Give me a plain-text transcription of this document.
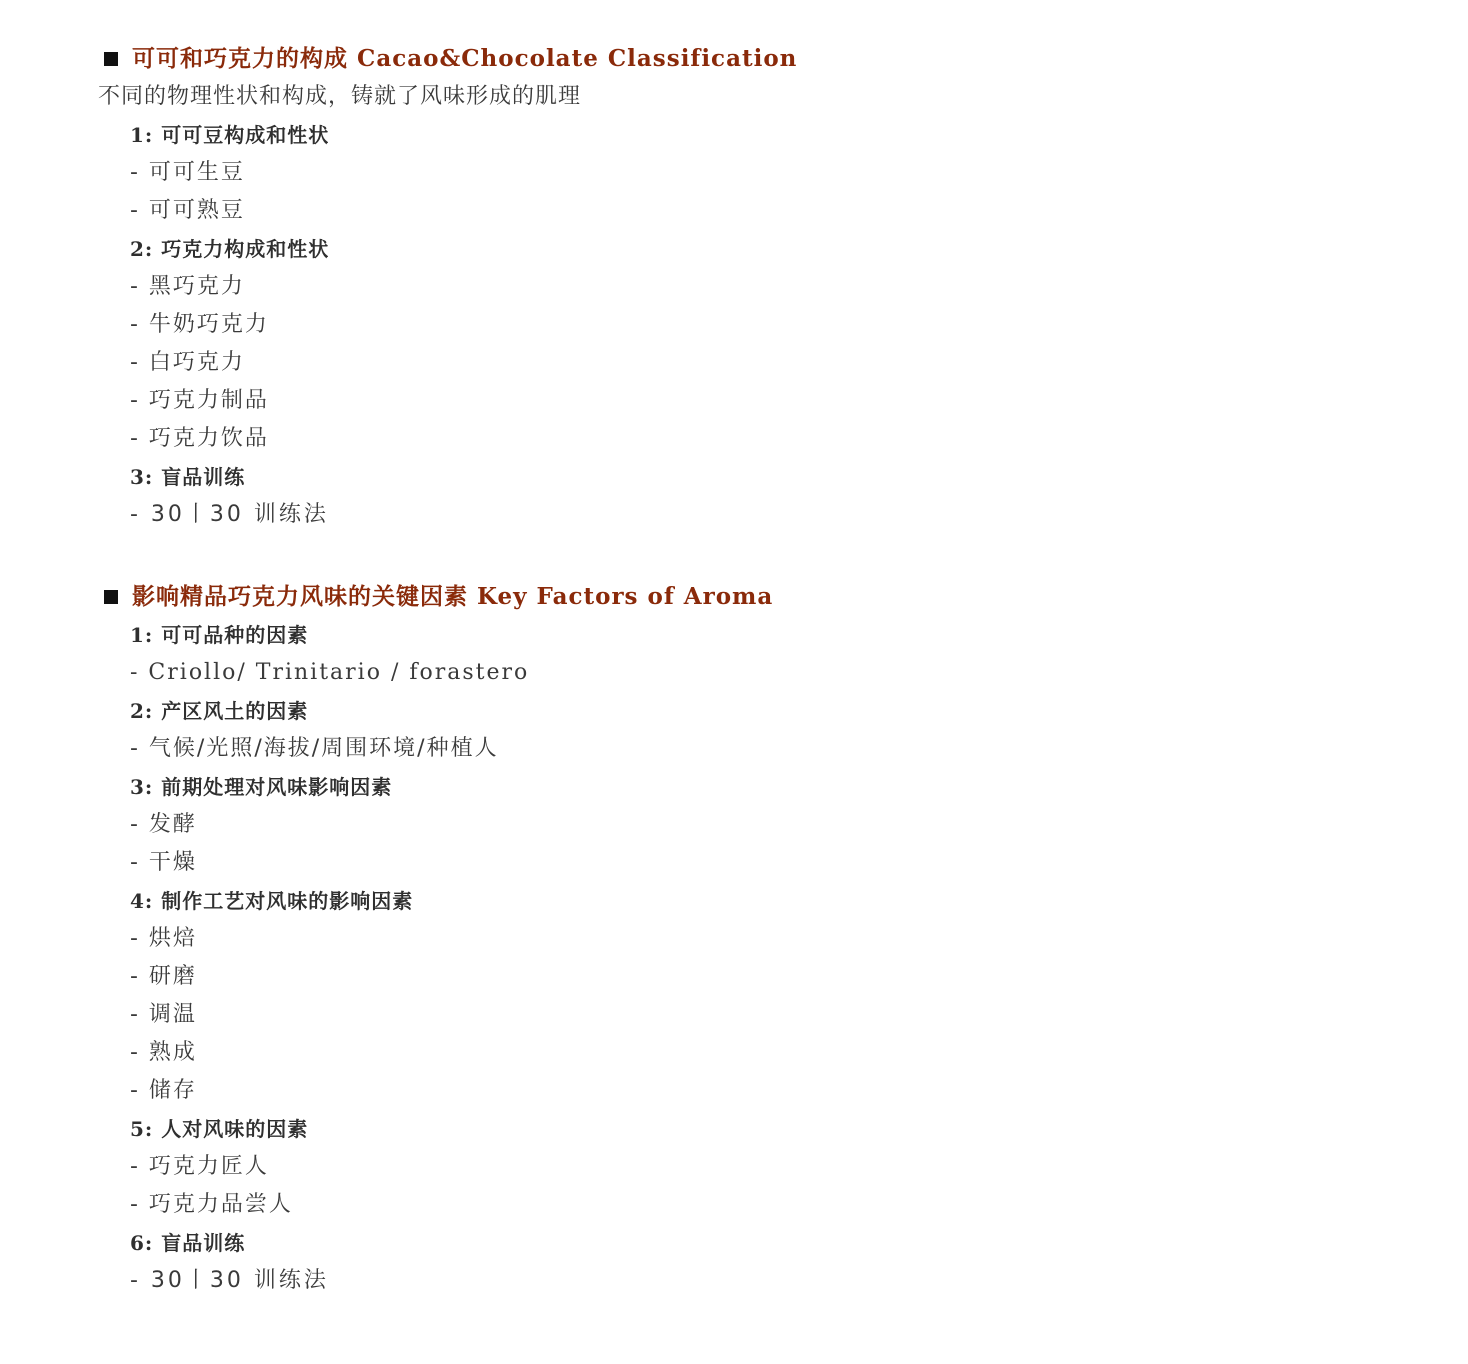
可可和巧克力的构成 Cacao&Chocolate Classification
不同的物理性状和构成，铸就了风味形成的肌理
1: 可可豆构成和性状
- 可可生豆
- 可可熟豆
2: 巧克力构成和性状
- 黑巧克力
- 牛奶巧克力
- 白巧克力
- 巧克力制品
- 巧克力饮品
3: 盲品训练
- 30丨30 训练法
影响精品巧克力风味的关键因素 Key Factors of Aroma
1: 可可品种的因素
- Criollo/ Trinitario / forastero
2: 产区风土的因素
- 气候/光照/海拔/周围环境/种植人
3: 前期处理对风味影响因素
- 发酵
- 干燥
4: 制作工艺对风味的影响因素
- 烘焙
- 研磨
- 调温
- 熟成
- 储存
5: 人对风味的因素
- 巧克力匠人
- 巧克力品尝人
6: 盲品训练
- 30丨30 训练法
